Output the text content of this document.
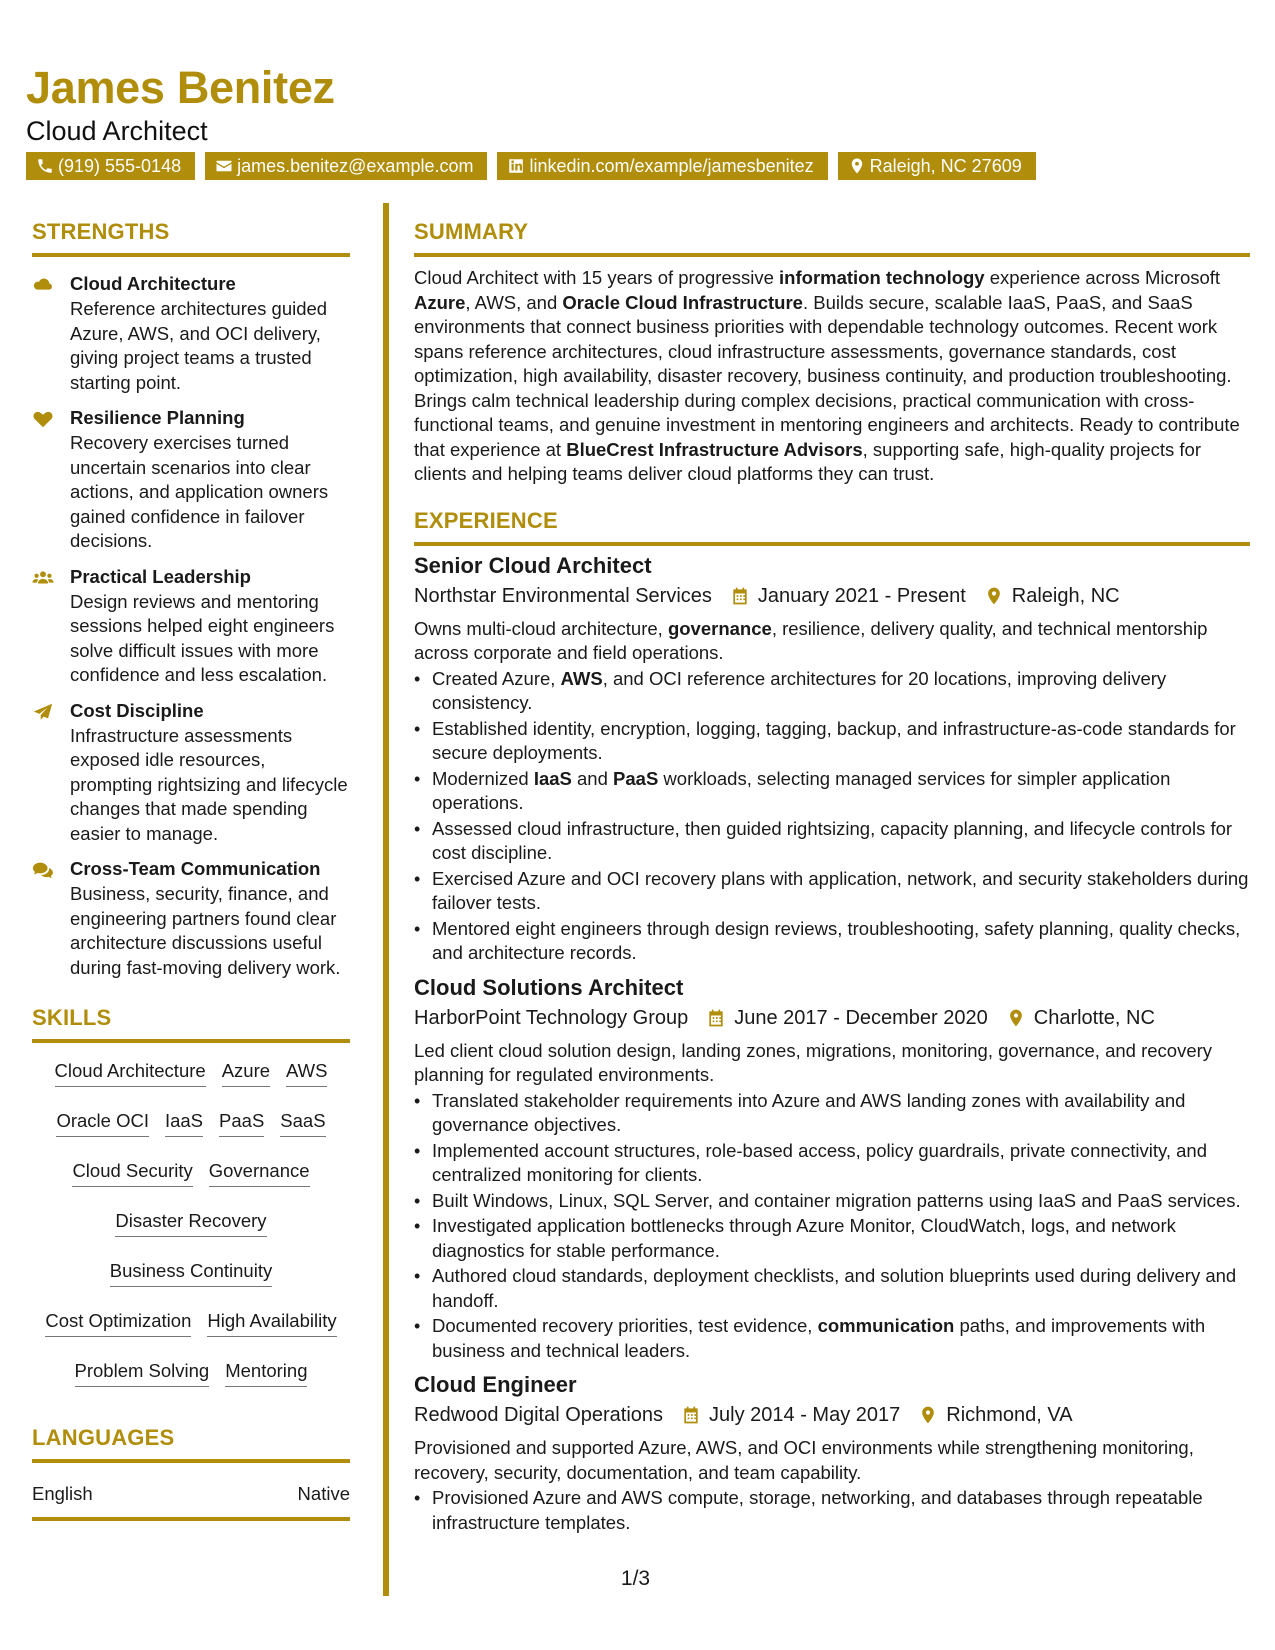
James Benitez
Cloud Architect
(919) 555-0148	james.benitez@example.com	linkedin.com/example/jamesbenitez	Raleigh, NC 27609
STRENGTHS
Cloud Architecture
Reference architectures guided Azure, AWS, and OCI delivery, giving project teams a trusted starting point.
Resilience Planning
Recovery exercises turned uncertain scenarios into clear actions, and application owners gained confidence in failover decisions.
Practical Leadership
Design reviews and mentoring sessions helped eight engineers solve difficult issues with more confidence and less escalation.
Cost Discipline
Infrastructure assessments exposed idle resources, prompting rightsizing and lifecycle changes that made spending easier to manage.
Cross-Team Communication
Business, security, finance, and engineering partners found clear architecture discussions useful during fast-moving delivery work.
SKILLS
Cloud Architecture Azure AWS
Oracle OCI IaaS PaaS SaaS
Cloud Security Governance
Disaster Recovery
Business Continuity
Cost Optimization High Availability
Problem Solving Mentoring
LANGUAGES
English	Native
SUMMARY
Cloud Architect with 15 years of progressive information technology experience across Microsoft Azure, AWS, and Oracle Cloud Infrastructure. Builds secure, scalable IaaS, PaaS, and SaaS environments that connect business priorities with dependable technology outcomes. Recent work spans reference architectures, cloud infrastructure assessments, governance standards, cost optimization, high availability, disaster recovery, business continuity, and production troubleshooting. Brings calm technical leadership during complex decisions, practical communication with cross-functional teams, and genuine investment in mentoring engineers and architects. Ready to contribute that experience at BlueCrest Infrastructure Advisors, supporting safe, high-quality projects for clients and helping teams deliver cloud platforms they can trust.
EXPERIENCE
Senior Cloud Architect
Northstar Environmental Services January 2021 - Present Raleigh, NC
Owns multi-cloud architecture, governance, resilience, delivery quality, and technical mentorship across corporate and field operations.
• Created Azure, AWS, and OCI reference architectures for 20 locations, improving delivery consistency.
• Established identity, encryption, logging, tagging, backup, and infrastructure-as-code standards for secure deployments.
• Modernized IaaS and PaaS workloads, selecting managed services for simpler application operations.
• Assessed cloud infrastructure, then guided rightsizing, capacity planning, and lifecycle controls for cost discipline.
• Exercised Azure and OCI recovery plans with application, network, and security stakeholders during failover tests.
• Mentored eight engineers through design reviews, troubleshooting, safety planning, quality checks, and architecture records.
Cloud Solutions Architect
HarborPoint Technology Group June 2017 - December 2020 Charlotte, NC
Led client cloud solution design, landing zones, migrations, monitoring, governance, and recovery planning for regulated environments.
• Translated stakeholder requirements into Azure and AWS landing zones with availability and governance objectives.
• Implemented account structures, role-based access, policy guardrails, private connectivity, and centralized monitoring for clients.
• Built Windows, Linux, SQL Server, and container migration patterns using IaaS and PaaS services.
• Investigated application bottlenecks through Azure Monitor, CloudWatch, logs, and network diagnostics for stable performance.
• Authored cloud standards, deployment checklists, and solution blueprints used during delivery and handoff.
• Documented recovery priorities, test evidence, communication paths, and improvements with business and technical leaders.
Cloud Engineer
Redwood Digital Operations July 2014 - May 2017 Richmond, VA
Provisioned and supported Azure, AWS, and OCI environments while strengthening monitoring, recovery, security, documentation, and team capability.
• Provisioned Azure and AWS compute, storage, networking, and databases through repeatable infrastructure templates.
1/3
